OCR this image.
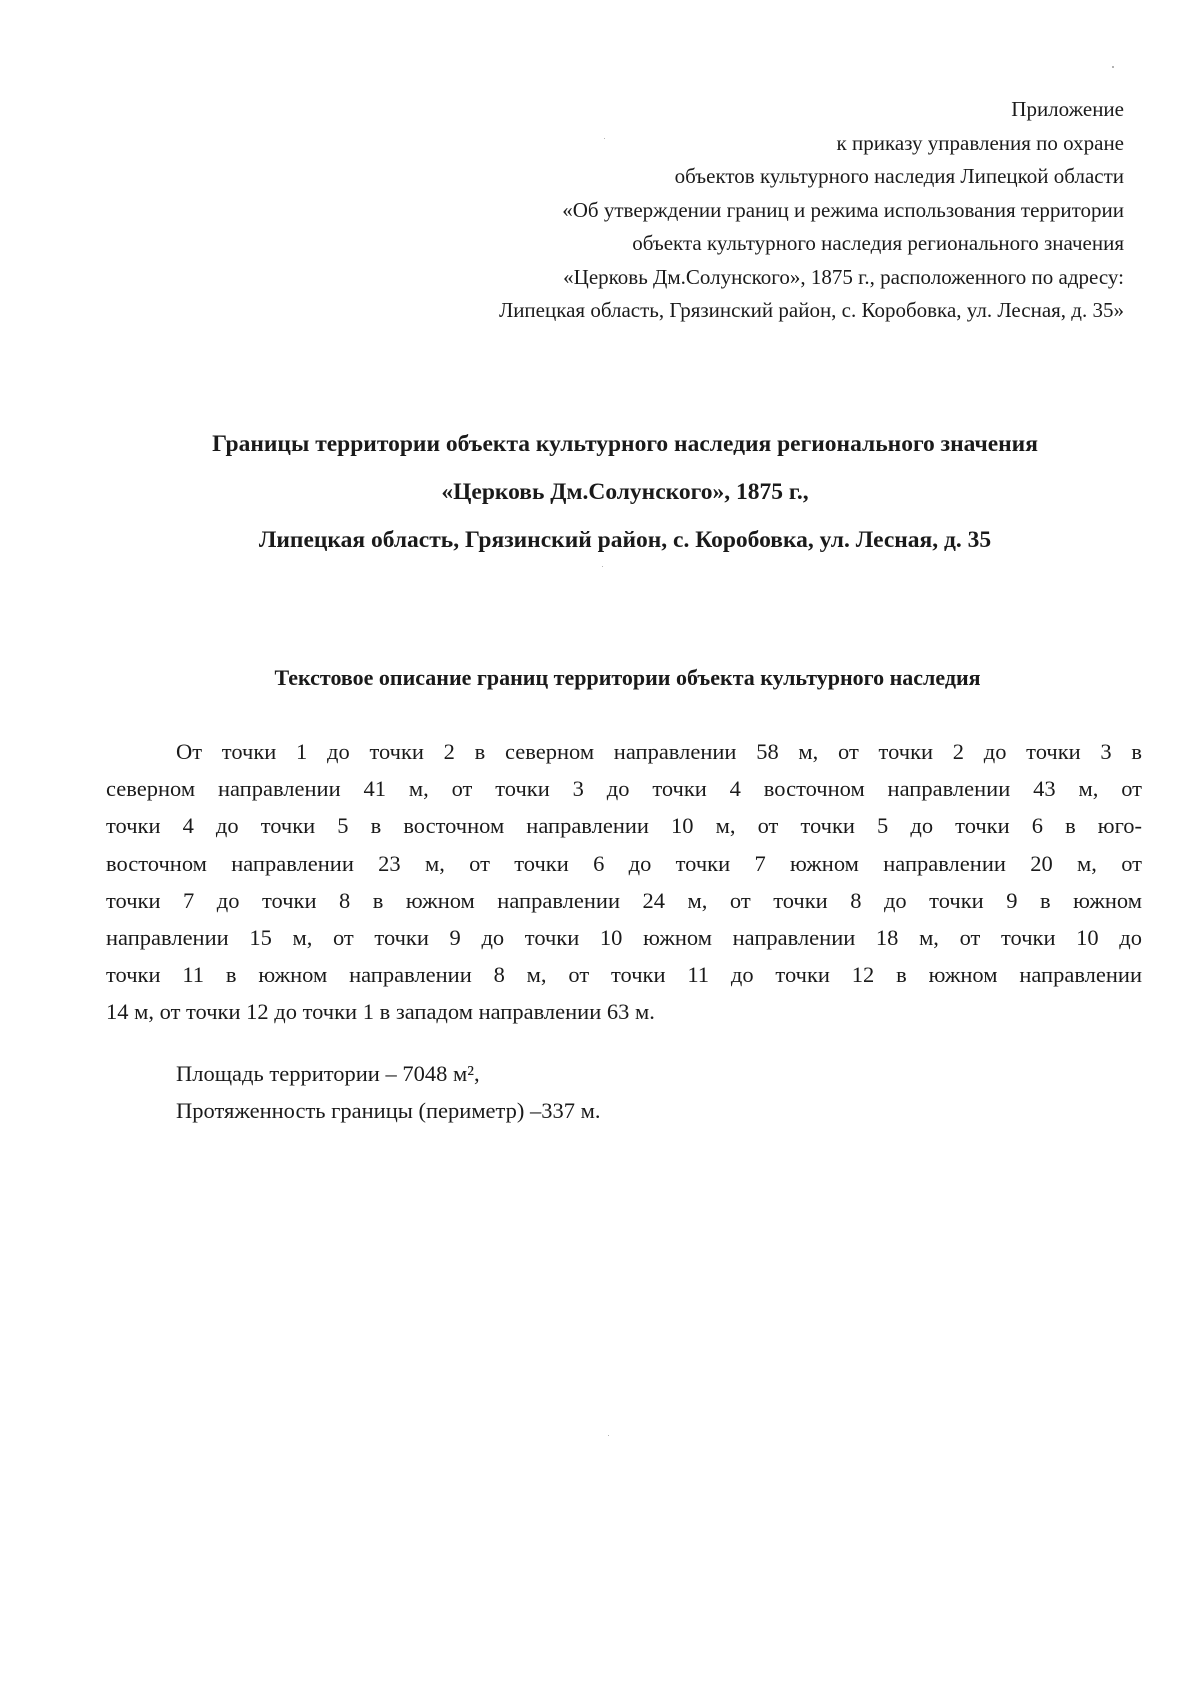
Приложение
к приказу управления по охране
объектов культурного наследия Липецкой области
«Об утверждении границ и режима использования территории
объекта культурного наследия регионального значения
«Церковь Дм.Солунского», 1875 г., расположенного по адресу:
Липецкая область, Грязинский район, с. Коробовка, ул. Лесная, д. 35»
Границы территории объекта культурного наследия регионального значения
«Церковь Дм.Солунского», 1875 г.,
Липецкая область, Грязинский район, с. Коробовка, ул. Лесная, д. 35
Текстовое описание границ территории объекта культурного наследия
От точки 1 до точки 2 в северном направлении 58 м, от точки 2 до точки 3 в
северном направлении 41 м, от точки 3 до точки 4 восточном направлении 43 м, от
точки 4 до точки 5 в восточном направлении 10 м, от точки 5 до точки 6 в юго-
восточном направлении 23 м, от точки 6 до точки 7 южном направлении 20 м, от
точки 7 до точки 8 в южном направлении 24 м, от точки 8 до точки 9 в южном
направлении 15 м, от точки 9 до точки 10 южном направлении 18 м, от точки 10 до
точки 11 в южном направлении 8 м, от точки 11 до точки 12 в южном направлении
14 м, от точки 12 до точки 1 в западом направлении 63 м.
Площадь территории – 7048 м²,
Протяженность границы (периметр) –337 м.
